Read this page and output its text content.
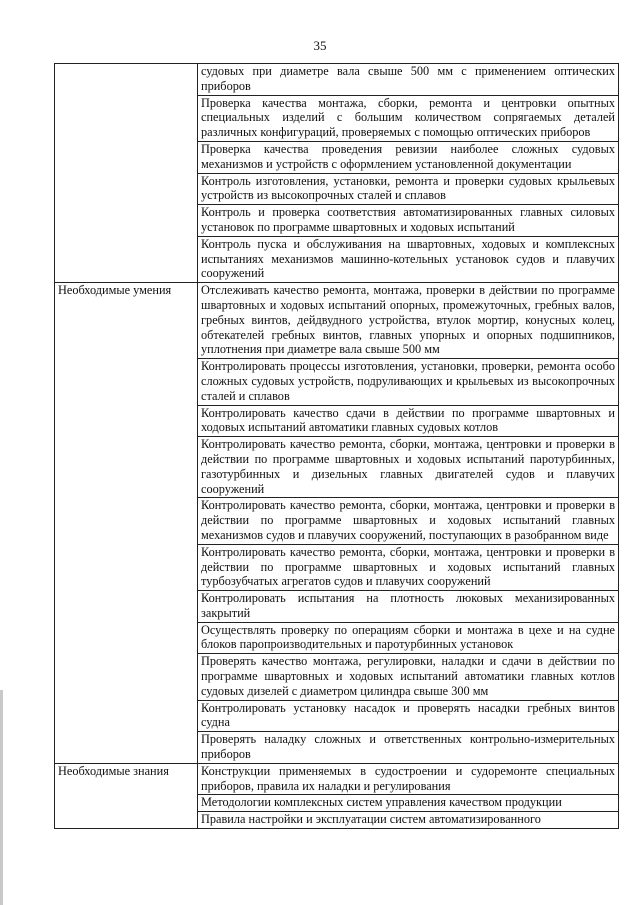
35
	судовых при диаметре вала свыше 500 мм с применением оптических приборов
	Проверка качества монтажа, сборки, ремонта и центровки опытных специальных изделий с большим количеством сопрягаемых деталей различных конфигураций, проверяемых с помощью оптических приборов
	Проверка качества проведения ревизии наиболее сложных судовых механизмов и устройств с оформлением установленной документации
	Контроль изготовления, установки, ремонта и проверки судовых крыльевых устройств из высокопрочных сталей и сплавов
	Контроль и проверка соответствия автоматизированных главных силовых установок по программе швартовных и ходовых испытаний
	Контроль пуска и обслуживания на швартовных, ходовых и комплексных испытаниях механизмов машинно-котельных установок судов и плавучих сооружений
Необходимые умения	Отслеживать качество ремонта, монтажа, проверки в действии по программе швартовных и ходовых испытаний опорных, промежуточных, гребных валов, гребных винтов, дейдвудного устройства, втулок мортир, конусных колец, обтекателей гребных винтов, главных упорных и опорных подшипников, уплотнения при диаметре вала свыше 500 мм
	Контролировать процессы изготовления, установки, проверки, ремонта особо сложных судовых устройств, подруливающих и крыльевых из высокопрочных сталей и сплавов
	Контролировать качество сдачи в действии по программе швартовных и ходовых испытаний автоматики главных судовых котлов
	Контролировать качество ремонта, сборки, монтажа, центровки и проверки в действии по программе швартовных и ходовых испытаний паротурбинных, газотурбинных и дизельных главных двигателей судов и плавучих сооружений
	Контролировать качество ремонта, сборки, монтажа, центровки и проверки в действии по программе швартовных и ходовых испытаний главных механизмов судов и плавучих сооружений, поступающих в разобранном виде
	Контролировать качество ремонта, сборки, монтажа, центровки и проверки в действии по программе швартовных и ходовых испытаний главных турбозубчатых агрегатов судов и плавучих сооружений
	Контролировать испытания на плотность люковых механизированных закрытий
	Осуществлять проверку по операциям сборки и монтажа в цехе и на судне блоков паропроизводительных и паротурбинных установок
	Проверять качество монтажа, регулировки, наладки и сдачи в действии по программе швартовных и ходовых испытаний автоматики главных котлов судовых дизелей с диаметром цилиндра свыше 300 мм
	Контролировать установку насадок и проверять насадки гребных винтов судна
	Проверять наладку сложных и ответственных контрольно-измерительных приборов
Необходимые знания	Конструкции применяемых в судостроении и судоремонте специальных приборов, правила их наладки и регулирования
	Методологии комплексных систем управления качеством продукции
	Правила настройки и эксплуатации систем автоматизированного
